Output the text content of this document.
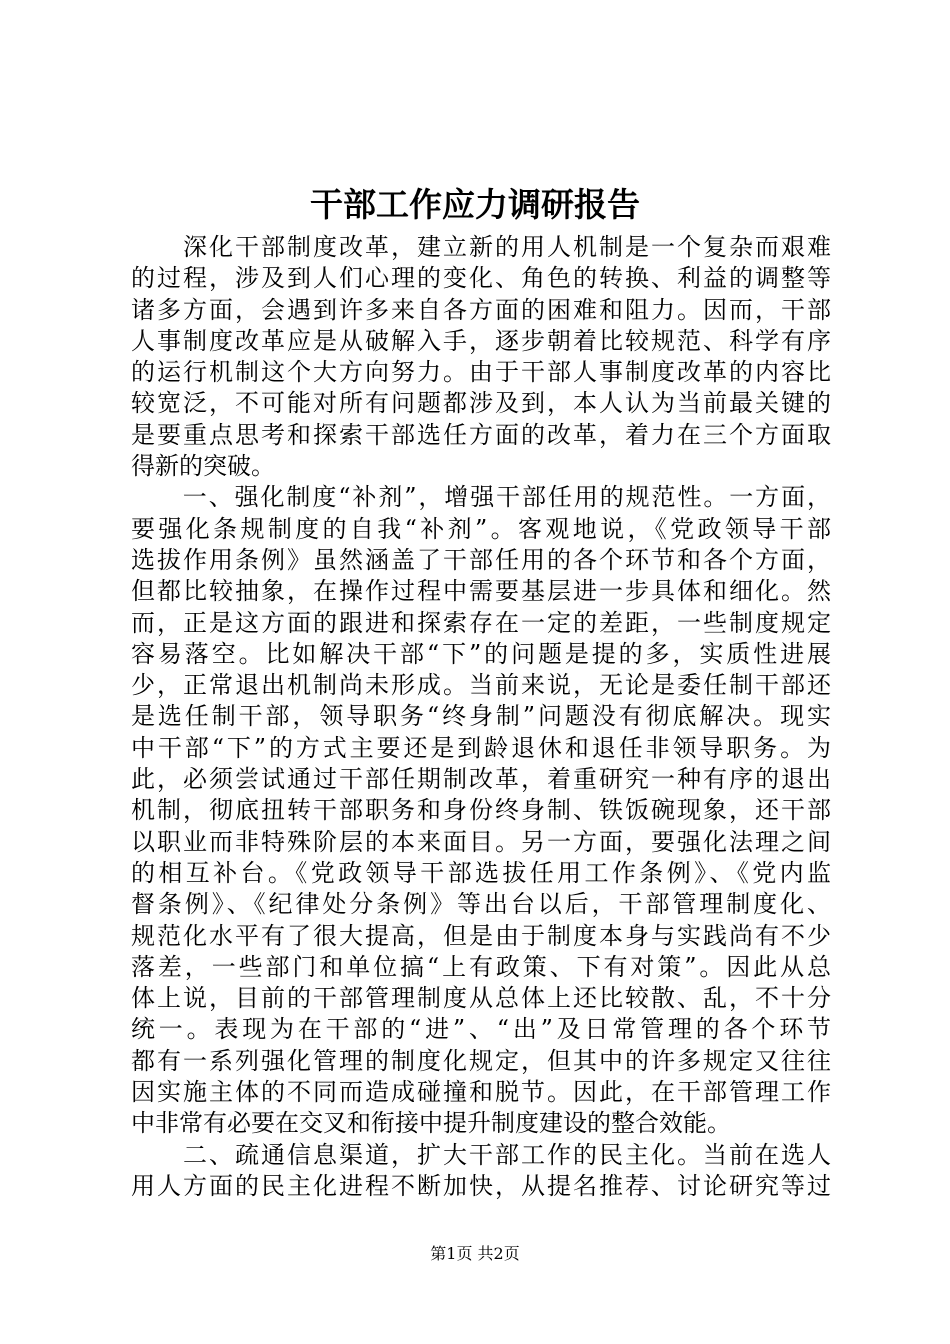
干部工作应力调研报告

　　深化干部制度改革，建立新的用人机制是一个复杂而艰难
的过程，涉及到人们心理的变化、角色的转换、利益的调整等
诸多方面，会遇到许多来自各方面的困难和阻力。因而，干部
人事制度改革应是从破解入手，逐步朝着比较规范、科学有序
的运行机制这个大方向努力。由于干部人事制度改革的内容比
较宽泛，不可能对所有问题都涉及到，本人认为当前最关键的
是要重点思考和探索干部选任方面的改革，着力在三个方面取
得新的突破。

　　一、强化制度“补剂”，增强干部任用的规范性。一方面，
要强化条规制度的自我“补剂”。客观地说，《党政领导干部
选拔作用条例》虽然涵盖了干部任用的各个环节和各个方面，
但都比较抽象，在操作过程中需要基层进一步具体和细化。然
而，正是这方面的跟进和探索存在一定的差距，一些制度规定
容易落空。比如解决干部“下”的问题是提的多，实质性进展
少，正常退出机制尚未形成。当前来说，无论是委任制干部还
是选任制干部，领导职务“终身制”问题没有彻底解决。现实
中干部“下”的方式主要还是到龄退休和退任非领导职务。为
此，必须尝试通过干部任期制改革，着重研究一种有序的退出
机制，彻底扭转干部职务和身份终身制、铁饭碗现象，还干部
以职业而非特殊阶层的本来面目。另一方面，要强化法理之间
的相互补台。《党政领导干部选拔任用工作条例》、《党内监
督条例》、《纪律处分条例》等出台以后，干部管理制度化、
规范化水平有了很大提高，但是由于制度本身与实践尚有不少
落差，一些部门和单位搞“上有政策、下有对策”。因此从总
体上说，目前的干部管理制度从总体上还比较散、乱，不十分
统一。表现为在干部的“进”、“出”及日常管理的各个环节
都有一系列强化管理的制度化规定，但其中的许多规定又往往
因实施主体的不同而造成碰撞和脱节。因此，在干部管理工作
中非常有必要在交叉和衔接中提升制度建设的整合效能。

　　二、疏通信息渠道，扩大干部工作的民主化。当前在选人
用人方面的民主化进程不断加快，从提名推荐、讨论研究等过

第1页 共2页
